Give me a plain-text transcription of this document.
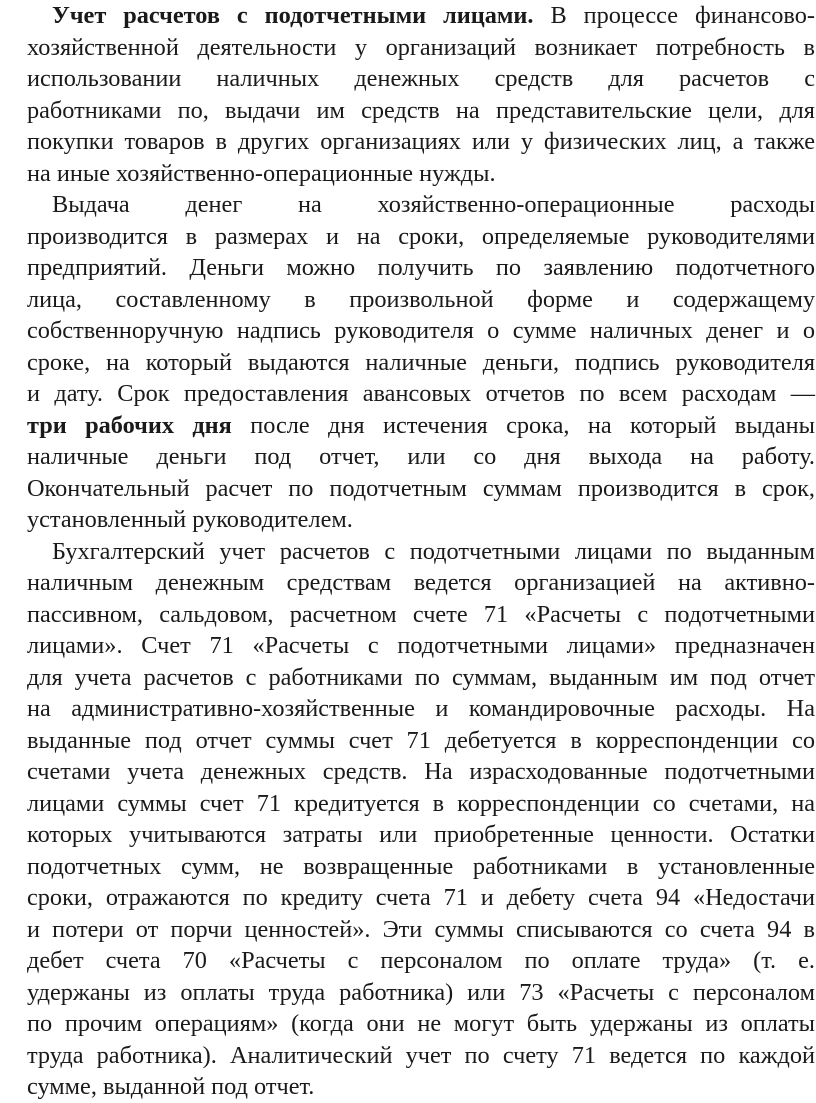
Учет расчетов с подотчетными лицами. В процессе финансово-
хозяйственной деятельности у организаций возникает потребность в
использовании наличных денежных средств для расчетов с
работниками по, выдачи им средств на представительские цели, для
покупки товаров в других организациях или у физических лиц, а также
на иные хозяйственно-операционные нужды.
Выдача денег на хозяйственно-операционные расходы
производится в размерах и на сроки, определяемые руководителями
предприятий. Деньги можно получить по заявлению подотчетного
лица, составленному в произвольной форме и содержащему
собственноручную надпись руководителя о сумме наличных денег и о
сроке, на который выдаются наличные деньги, подпись руководителя
и дату. Срок предоставления авансовых отчетов по всем расходам —
три рабочих дня после дня истечения срока, на который выданы
наличные деньги под отчет, или со дня выхода на работу.
Окончательный расчет по подотчетным суммам производится в срок,
установленный руководителем.
Бухгалтерский учет расчетов с подотчетными лицами по выданным
наличным денежным средствам ведется организацией на активно-
пассивном, сальдовом, расчетном счете 71 «Расчеты с подотчетными
лицами». Счет 71 «Расчеты с подотчетными лицами» предназначен
для учета расчетов с работниками по суммам, выданным им под отчет
на административно-хозяйственные и командировочные расходы. На
выданные под отчет суммы счет 71 дебетуется в корреспонденции со
счетами учета денежных средств. На израсходованные подотчетными
лицами суммы счет 71 кредитуется в корреспонденции со счетами, на
которых учитываются затраты или приобретенные ценности. Остатки
подотчетных сумм, не возвращенные работниками в установленные
сроки, отражаются по кредиту счета 71 и дебету счета 94 «Недостачи
и потери от порчи ценностей». Эти суммы списываются со счета 94 в
дебет счета 70 «Расчеты с персоналом по оплате труда» (т. е.
удержаны из оплаты труда работника) или 73 «Расчеты с персоналом
по прочим операциям» (когда они не могут быть удержаны из оплаты
труда работника). Аналитический учет по счету 71 ведется по каждой
сумме, выданной под отчет.
